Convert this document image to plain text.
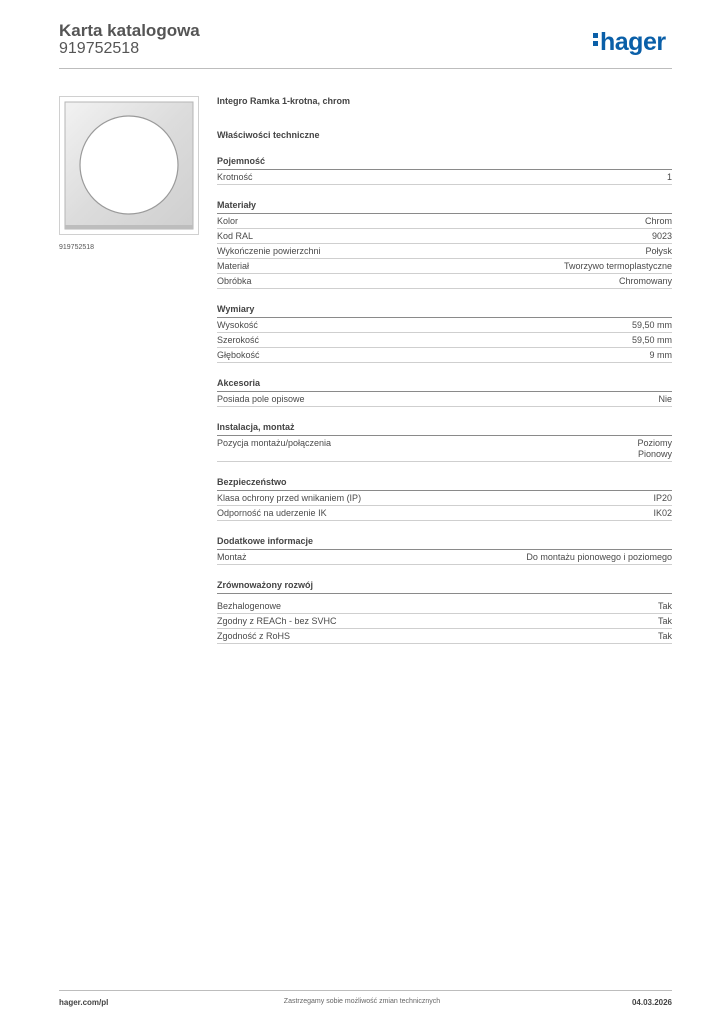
Karta katalogowa
919752518	hager
919752518
Integro Ramka 1-krotna, chrom
Właściwości techniczne
Pojemność
Krotność	1
Materiały
Kolor	Chrom
Kod RAL	9023
Wykończenie powierzchni	Połysk
Materiał	Tworzywo termoplastyczne
Obróbka	Chromowany
Wymiary
Wysokość	59,50 mm
Szerokość	59,50 mm
Głębokość	9 mm
Akcesoria
Posiada pole opisowe	Nie
Instalacja, montaż
Pozycja montażu/połączenia	Poziomy
Pionowy
Bezpieczeństwo
Klasa ochrony przed wnikaniem (IP)	IP20
Odporność na uderzenie IK	IK02
Dodatkowe informacje
Montaż	Do montażu pionowego i poziomego
Zrównoważony rozwój
Bezhalogenowe	Tak
Zgodny z REACh - bez SVHC	Tak
Zgodność z RoHS	Tak
hager.com/pl	Zastrzegamy sobie możliwość zmian technicznych	04.03.2026
